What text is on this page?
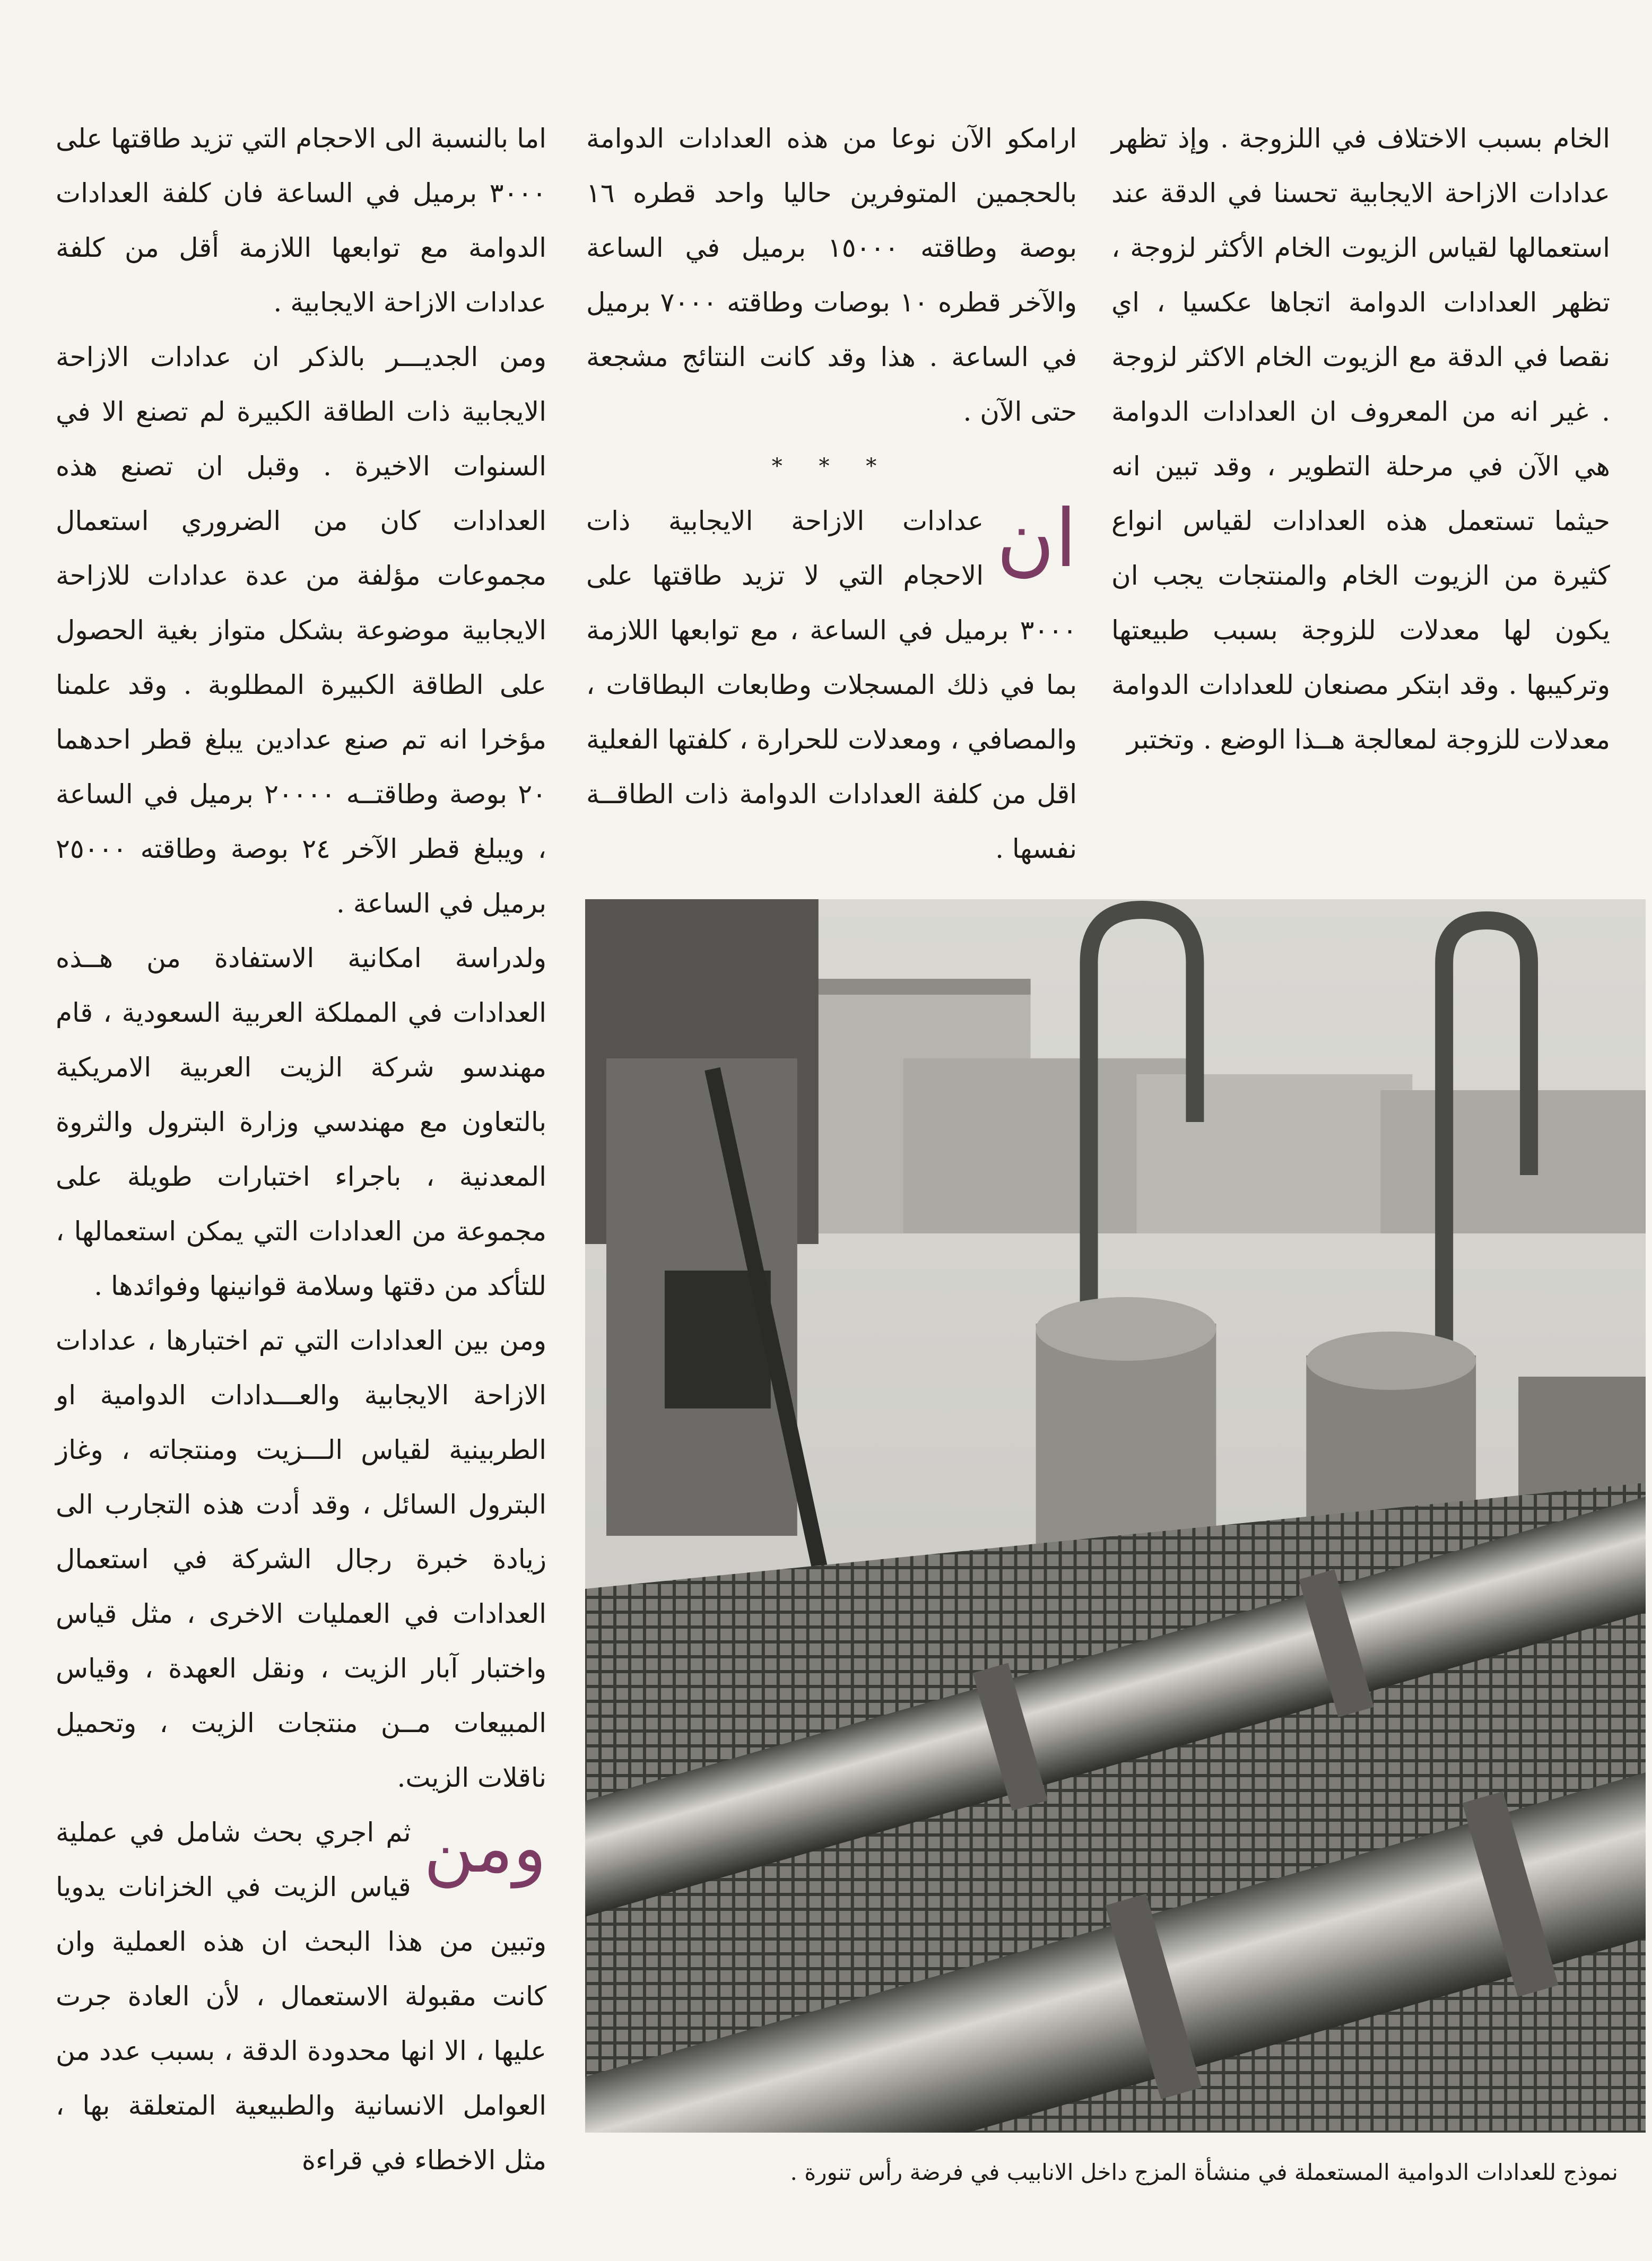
الخام بسبب الاختلاف في اللزوجة . وإذ تظهر عدادات الازاحة الايجابية تحسنا في الدقة عند استعمالها لقياس الزيوت الخام الأكثر لزوجة ، تظهر العدادات الدوامة اتجاها عكسيا ، اي نقصا في الدقة مع الزيوت الخام الاكثر لزوجة . غير انه من المعروف ان العدادات الدوامة هي الآن في مرحلة التطوير ، وقد تبين انه حيثما تستعمل هذه العدادات لقياس انواع كثيرة من الزيوت الخام والمنتجات يجب ان يكون لها معدلات للزوجة بسبب طبيعتها وتركيبها . وقد ابتكر مصنعان للعدادات الدوامة معدلات للزوجة لمعالجة هــذا الوضع . وتختبر

ارامكو الآن نوعا من هذه العدادات الدوامة بالحجمين المتوفرين حاليا واحد قطره ١٦ بوصة وطاقته ١٥٠٠٠ برميل في الساعة والآخر قطره ١٠ بوصات وطاقته ٧٠٠٠ برميل في الساعة . هذا وقد كانت النتائج مشجعة حتى الآن .

* * *

ان
عدادات الازاحة الايجابية ذات الاحجام التي لا تزيد طاقتها على ٣٠٠٠ برميل في الساعة ، مع توابعها اللازمة بما في ذلك المسجلات وطابعات البطاقات ، والمصافي ، ومعدلات للحرارة ، كلفتها الفعلية اقل من كلفة العدادات الدوامة ذات الطاقــة نفسها .

اما بالنسبة الى الاحجام التي تزيد طاقتها على ٣٠٠٠ برميل في الساعة فان كلفة العدادات الدوامة مع توابعها اللازمة أقل من كلفة عدادات الازاحة الايجابية .

ومن الجديـــر بالذكر ان عدادات الازاحة الايجابية ذات الطاقة الكبيرة لم تصنع الا في السنوات الاخيرة . وقبل ان تصنع هذه العدادات كان من الضروري استعمال مجموعات مؤلفة من عدة عدادات للازاحة الايجابية موضوعة بشكل متواز بغية الحصول على الطاقة الكبيرة المطلوبة . وقد علمنا مؤخرا انه تم صنع عدادين يبلغ قطر احدهما ٢٠ بوصة وطاقتــه ٢٠٠٠٠ برميل في الساعة ، ويبلغ قطر الآخر ٢٤ بوصة وطاقته ٢٥٠٠٠ برميل في الساعة .

ولدراسة امكانية الاستفادة من هــذه العدادات في المملكة العربية السعودية ، قام مهندسو شركة الزيت العربية الامريكية بالتعاون مع مهندسي وزارة البترول والثروة المعدنية ، باجراء اختبارات طويلة على مجموعة من العدادات التي يمكن استعمالها ، للتأكد من دقتها وسلامة قوانينها وفوائدها .

ومن بين العدادات التي تم اختبارها ، عدادات الازاحة الايجابية والعـــدادات الدوامية او الطربينية لقياس الـــزيت ومنتجاته ، وغاز البترول السائل ، وقد أدت هذه التجارب الى زيادة خبرة رجال الشركة في استعمال العدادات في العمليات الاخرى ، مثل قياس واختبار آبار الزيت ، ونقل العهدة ، وقياس المبيعات مــن منتجات الزيت ، وتحميل ناقلات الزيت.

ومن
ثم اجري بحث شامل في عملية قياس الزيت في الخزانات يدويا وتبين من هذا البحث ان هذه العملية وان كانت مقبولة الاستعمال ، لأن العادة جرت عليها ، الا انها محدودة الدقة ، بسبب عدد من العوامل الانسانية والطبيعية المتعلقة بها ، مثل الاخطاء في قراءة	نموذج للعدادات الدوامية المستعملة في منشأة المزج داخل الانابيب في فرضة رأس تنورة .
